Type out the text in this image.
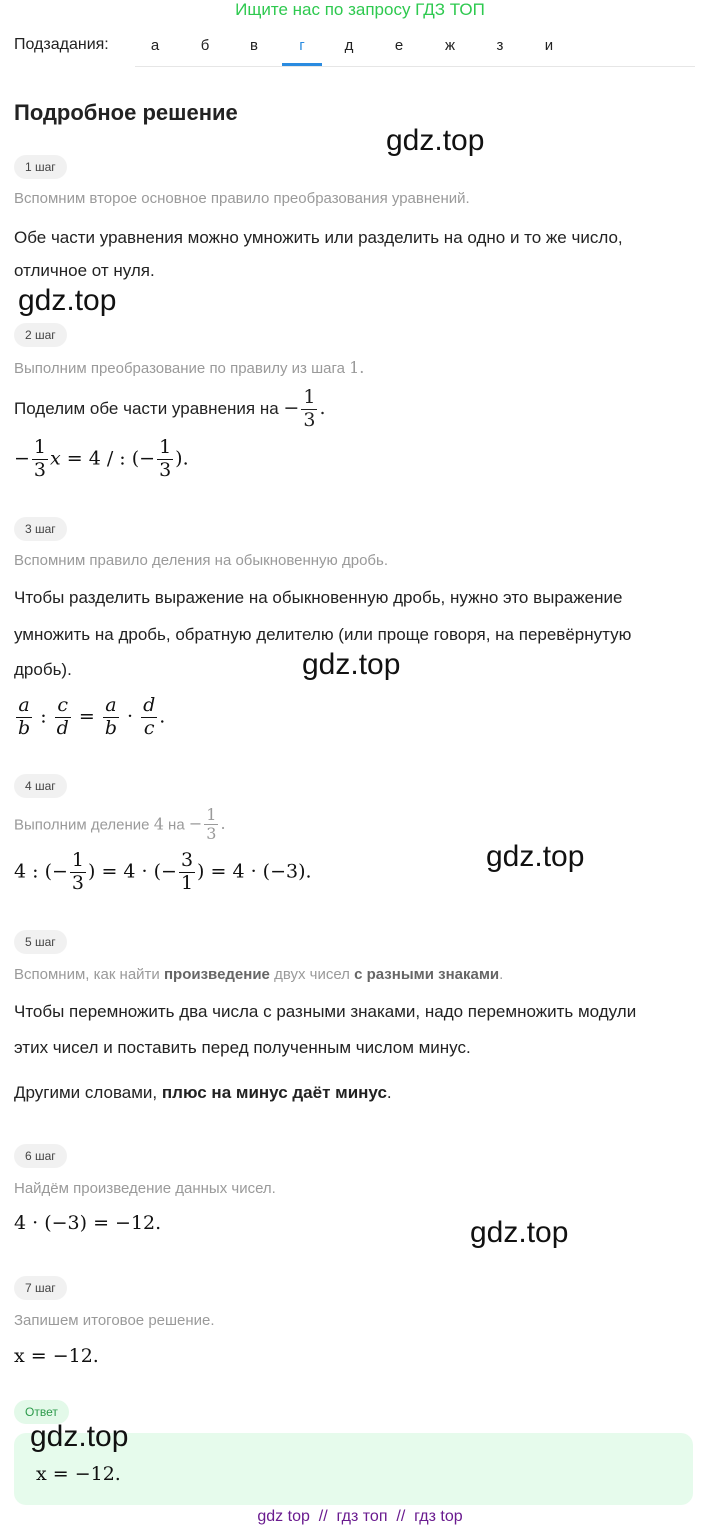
Ищите нас по запросу ГДЗ ТОП
Подзадания:	а	б	в	г	д	е	ж	з	и
Подробное решение
gdz.top
gdz.top
gdz.top
gdz.top
gdz.top
1 шаг
Вспомним второе основное правило преобразования уравнений.
Обе части уравнения можно умножить или разделить на одно и то же число,
отличное от нуля.
2 шаг
Выполним преобразование по правилу из шага 1.
Поделим обе части уравнения на − $\frac{1}{3}$ .
− $\frac{1}{3}$ x = 4 / : (− $\frac{1}{3}$ ).
3 шаг
Вспомним правило деления на обыкновенную дробь.
Чтобы разделить выражение на обыкновенную дробь, нужно это выражение
умножить на дробь, обратную делителю (или проще говоря, на перевёрнутую
дробь).
$\frac{a}{b}$ : $\frac{c}{d} = \frac{a}{b} \cdot \frac{d}{c}$ .
4 шаг
Выполним деление 4 на − $\frac{1}{3}$ .
4 : (− $\frac{1}{3}$ ) = 4 · (− $\frac{3}{1}$ ) = 4 · (−3).
5 шаг
Вспомним, как найти произведение двух чисел с разными знаками.
Чтобы перемножить два числа с разными знаками, надо перемножить модули
этих чисел и поставить перед полученным числом минус.
Другими словами, плюс на минус даёт минус.
6 шаг
Найдём произведение данных чисел.
4 · (−3) = −12.
7 шаг
Запишем итоговое решение.
x = −12.
Ответ
gdz.top
x = −12.
gdz top  //  гдз топ  //  гдз top
